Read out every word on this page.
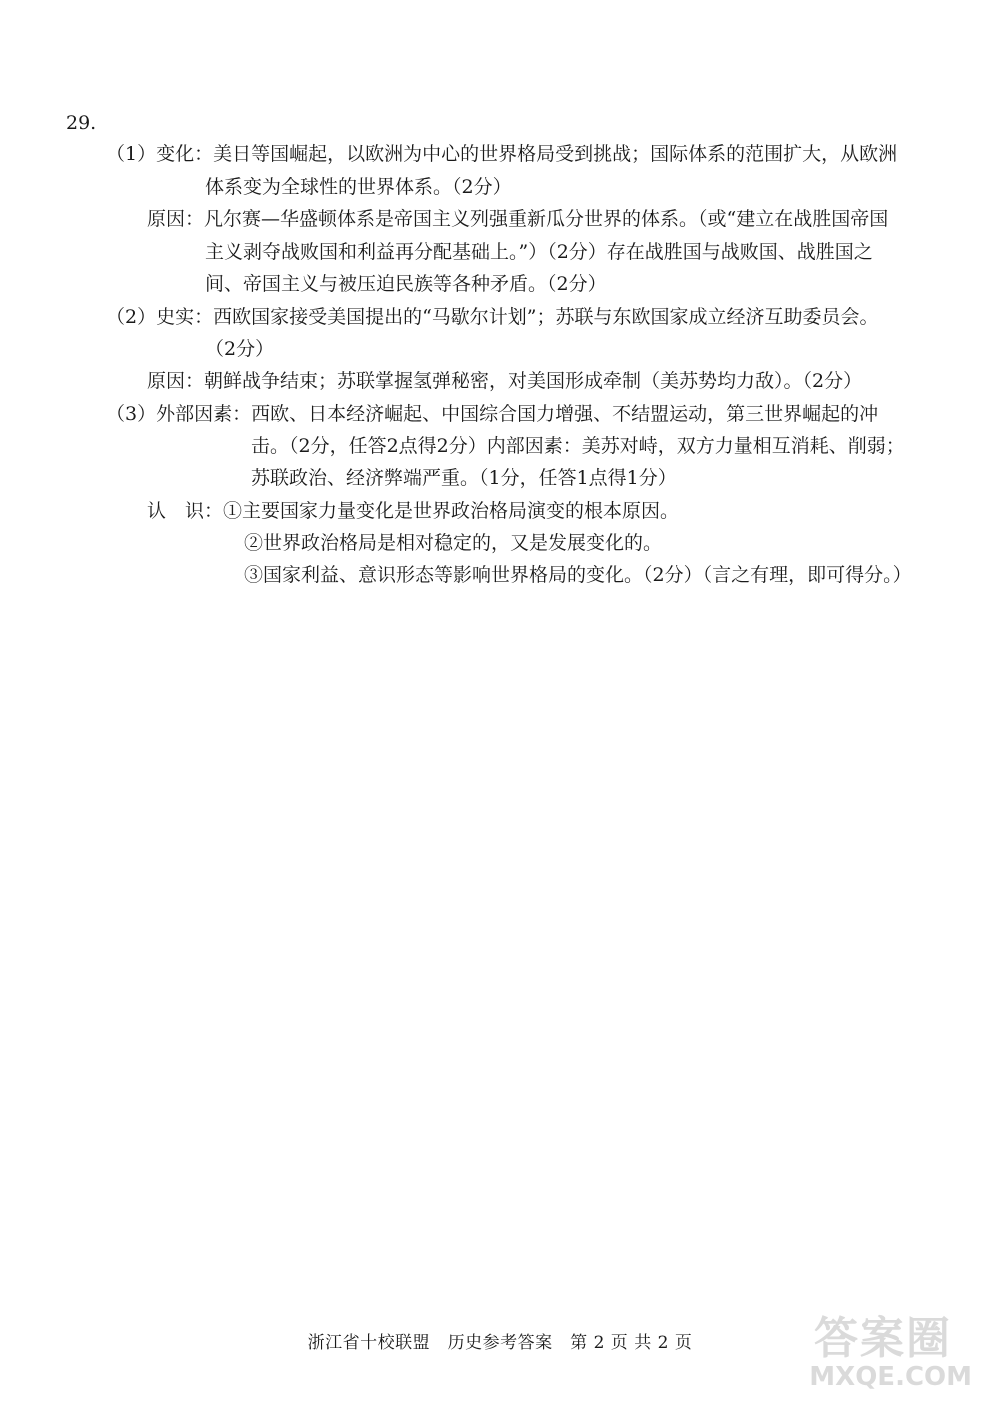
29.
（1）变化：美日等国崛起，以欧洲为中心的世界格局受到挑战；国际体系的范围扩大，从欧洲
体系变为全球性的世界体系。（2分）
原因：凡尔赛—华盛顿体系是帝国主义列强重新瓜分世界的体系。（或“建立在战胜国帝国
主义剥夺战败国和利益再分配基础上。”）（2分）存在战胜国与战败国、战胜国之
间、帝国主义与被压迫民族等各种矛盾。（2分）
（2）史实：西欧国家接受美国提出的“马歇尔计划”；苏联与东欧国家成立经济互助委员会。
（2分）
原因：朝鲜战争结束；苏联掌握氢弹秘密，对美国形成牵制（美苏势均力敌）。（2分）
（3）外部因素：西欧、日本经济崛起、中国综合国力增强、不结盟运动，第三世界崛起的冲
击。（2分，任答2点得2分）内部因素：美苏对峙，双方力量相互消耗、削弱；
苏联政治、经济弊端严重。（1分，任答1点得1分）
认　识：①主要国家力量变化是世界政治格局演变的根本原因。
②世界政治格局是相对稳定的，又是发展变化的。
③国家利益、意识形态等影响世界格局的变化。（2分）（言之有理，即可得分。）
浙江省十校联盟　历史参考答案　第 2 页 共 2 页	答案圈
MXQE.COM
